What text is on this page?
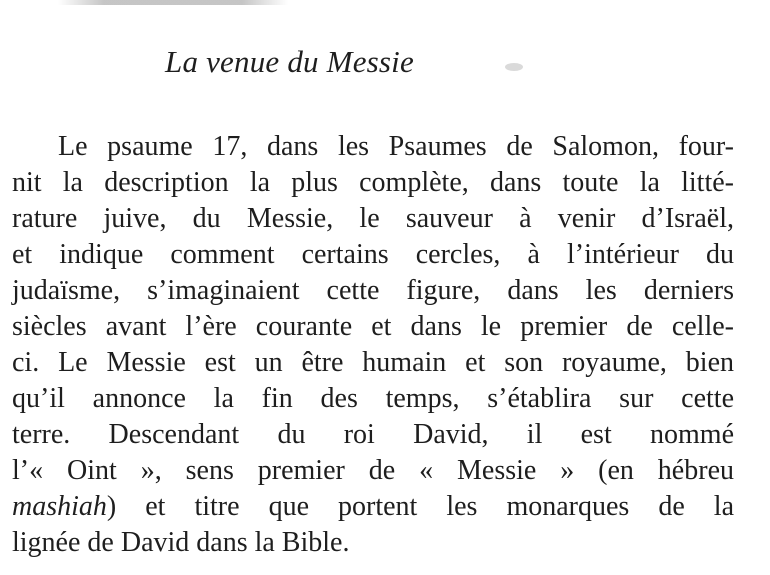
La venue du Messie
Le psaume 17, dans les Psaumes de Salomon, four-
nit la description la plus complète, dans toute la litté-
rature juive, du Messie, le sauveur à venir d’Israël,
et indique comment certains cercles, à l’intérieur du
judaïsme, s’imaginaient cette figure, dans les derniers
siècles avant l’ère courante et dans le premier de celle-
ci. Le Messie est un être humain et son royaume, bien
qu’il annonce la fin des temps, s’établira sur cette
terre. Descendant du roi David, il est nommé
l’« Oint », sens premier de « Messie » (en hébreu
mashiah) et titre que portent les monarques de la
lignée de David dans la Bible.
